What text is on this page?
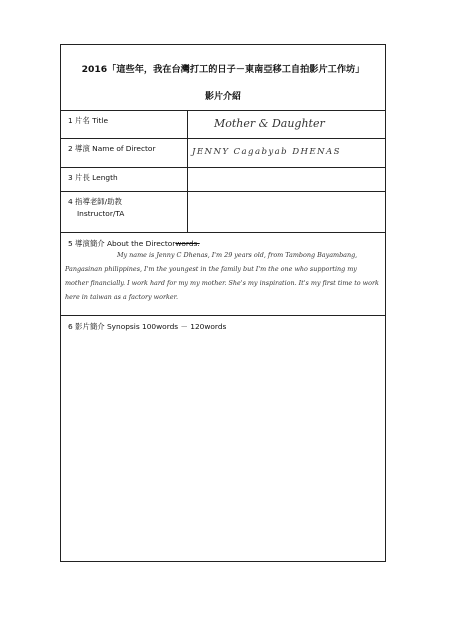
2016「這些年，我在台灣打工的日子－東南亞移工自拍影片工作坊」
影片介紹
1 片名 Title	Mother & Daughter
2 導演 Name of Director	JENNY Cagabyab DHENAS
3 片長 Length
4 指導老師/助教
Instructor/TA
5 導演簡介 About the Directorwords.
My name is Jenny C Dhenas, I'm 29 years old, from Tambong Bayambang, Pangasinan philippines, I'm the youngest in the family but I'm the one who supporting my mother financially. I work hard for my my mother. She's my inspiration. It's my first time to work here in taiwan as a factory worker.
6 影片簡介 Synopsis 100words － 120words
